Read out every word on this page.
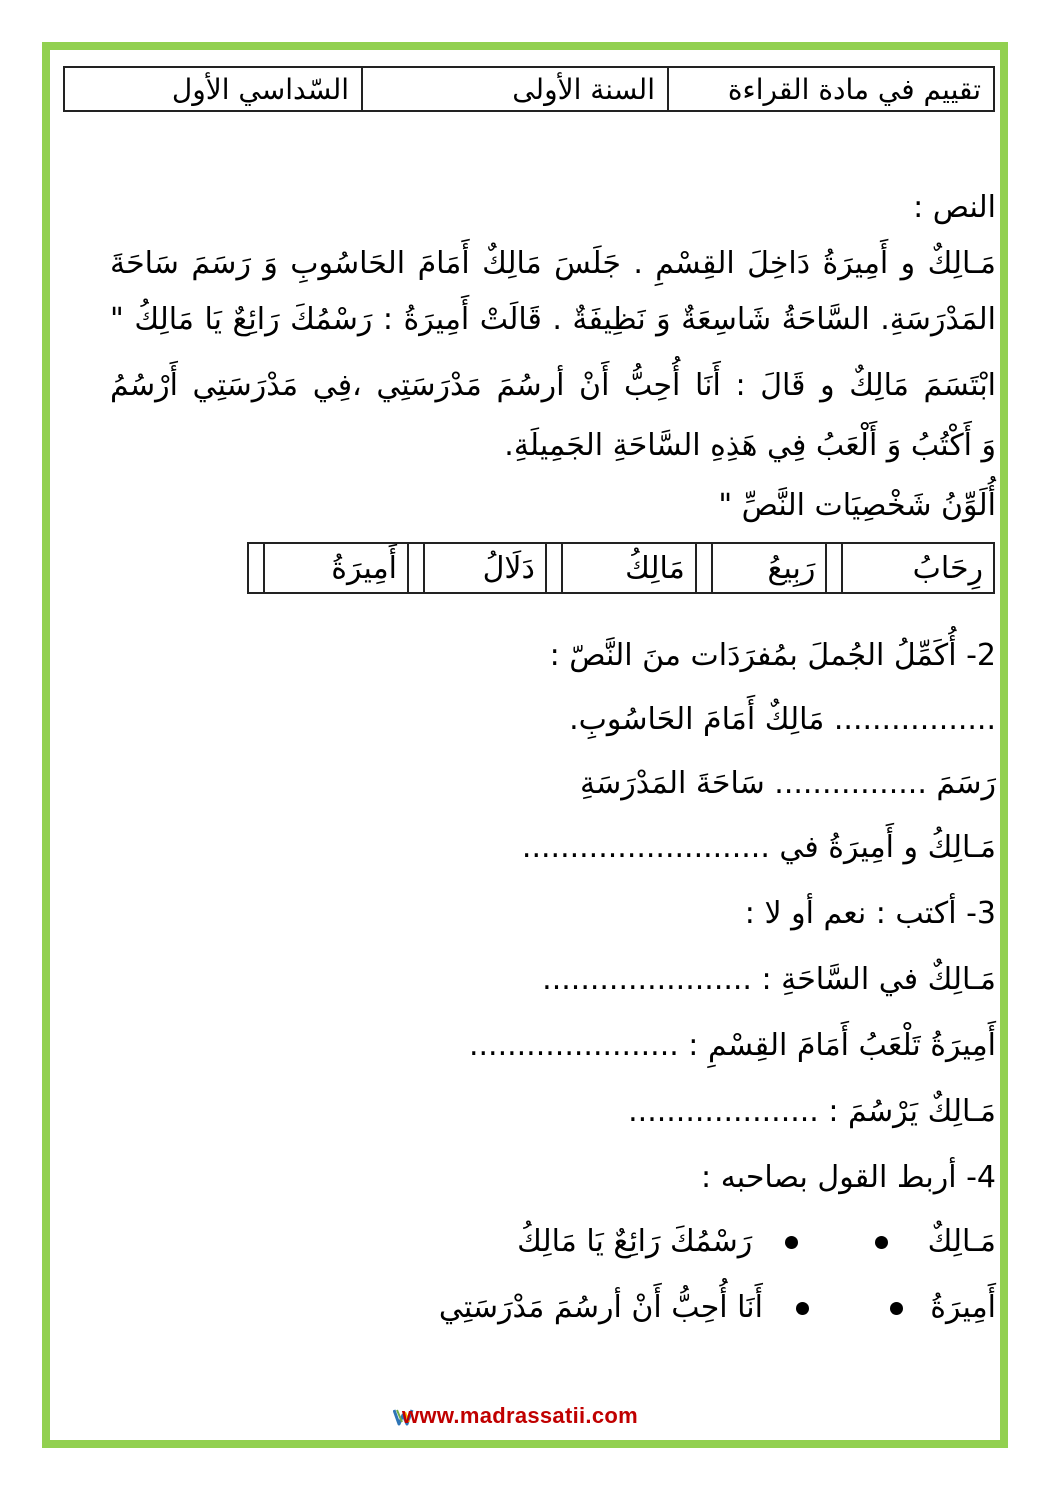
تقييم في مادة القراءة	السنة الأولى	السّداسي الأول
النص :
مَـالِكٌ و أَمِيرَةُ دَاخِلَ القِسْمِ . جَلَسَ مَالِكٌ أَمَامَ الحَاسُوبِ وَ رَسَمَ سَاحَةَ
المَدْرَسَةِ. السَّاحَةُ شَاسِعَةٌ وَ نَظِيفَةٌ . قَالَتْ أَمِيرَةُ : رَسْمُكَ رَائِعٌ يَا مَالِكُ "
ابْتَسَمَ مَالِكٌ و قَالَ : أَنَا أُحِبُّ أَنْ أرسُمَ مَدْرَسَتِي ،فِي مَدْرَسَتِي أَرْسُمُ
وَ أَكْتُبُ وَ أَلْعَبُ فِي هَذِهِ السَّاحَةِ الجَمِيلَةِ.
أُلَوِّنُ شَخْصِيَات النَّصِّ "
رِحَابُ		رَبِيعُ		مَالِكُ		دَلَالُ		أَمِيرَةُ	
2- أُكَمِّلُ الجُملَ بمُفرَدَات منَ النَّصّ :
................. مَالِكٌ أَمَامَ الحَاسُوبِ.
رَسَمَ ................ سَاحَةَ المَدْرَسَةِ
مَـالِكُ و أَمِيرَةُ في ..........................
3- أكتب : نعم أو لا :
مَـالِكٌ في السَّاحَةِ : ......................
أَمِيرَةُ تَلْعَبُ أَمَامَ القِسْمِ : ......................
مَـالِكٌ يَرْسُمَ : ....................
4- أربط القول بصاحبه :
مَـالِكٌ      رَسْمُكَ رَائِعٌ يَا مَالِكُ
أَمِيرَةُ      أَنَا أُحِبُّ أَنْ أرسُمَ مَدْرَسَتِي
www.madrassatii.com
